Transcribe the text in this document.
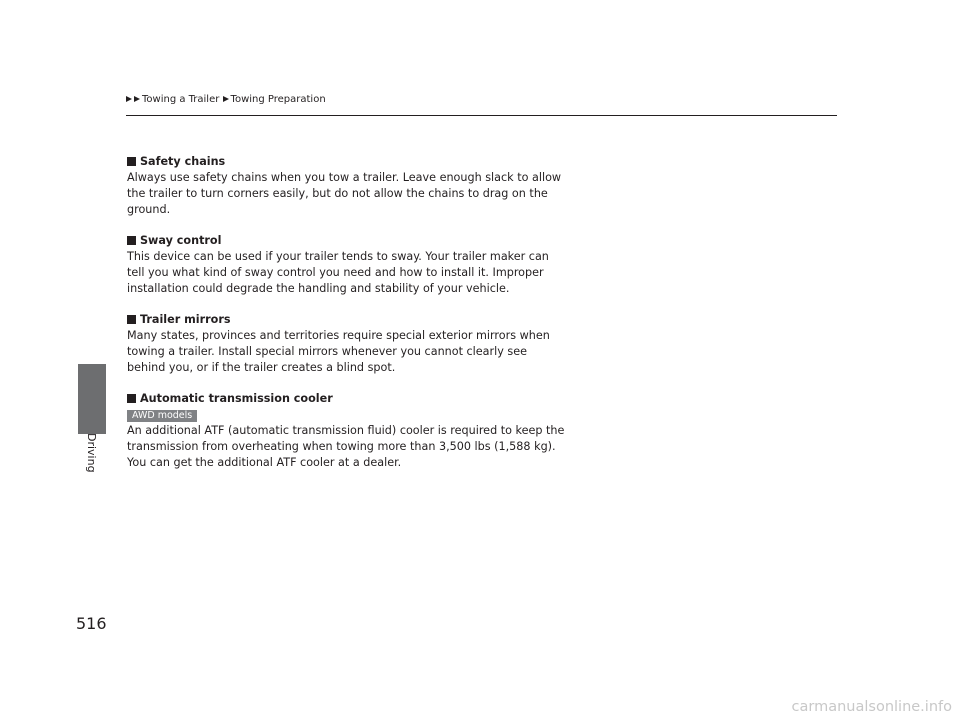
Towing a Trailer Towing Preparation
Driving

Safety chains

Always use safety chains when you tow a trailer. Leave enough slack to allow the trailer to turn corners easily, but do not allow the chains to drag on the ground.

Sway control

This device can be used if your trailer tends to sway. Your trailer maker can tell you what kind of sway control you need and how to install it. Improper installation could degrade the handling and stability of your vehicle.

Trailer mirrors

Many states, provinces and territories require special exterior mirrors when towing a trailer. Install special mirrors whenever you cannot clearly see behind you, or if the trailer creates a blind spot.

Automatic transmission cooler

AWD models

An additional ATF (automatic transmission fluid) cooler is required to keep the transmission from overheating when towing more than 3,500 lbs (1,588 kg). You can get the additional ATF cooler at a dealer.

516
carmanualsonline.info
